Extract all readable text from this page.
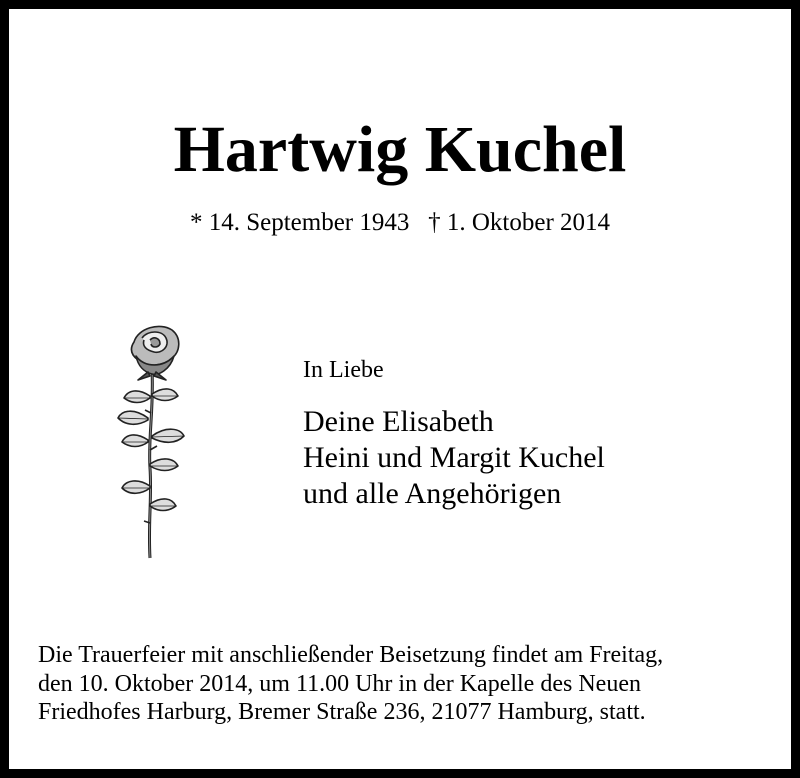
Hartwig Kuchel
* 14. September 1943 † 1. Oktober 2014
In Liebe
Deine Elisabeth
Heini und Margit Kuchel
und alle Angehörigen
Die Trauerfeier mit anschließender Beisetzung findet am Freitag,
den 10. Oktober 2014, um 11.00 Uhr in der Kapelle des Neuen
Friedhofes Harburg, Bremer Straße 236, 21077 Hamburg, statt.
